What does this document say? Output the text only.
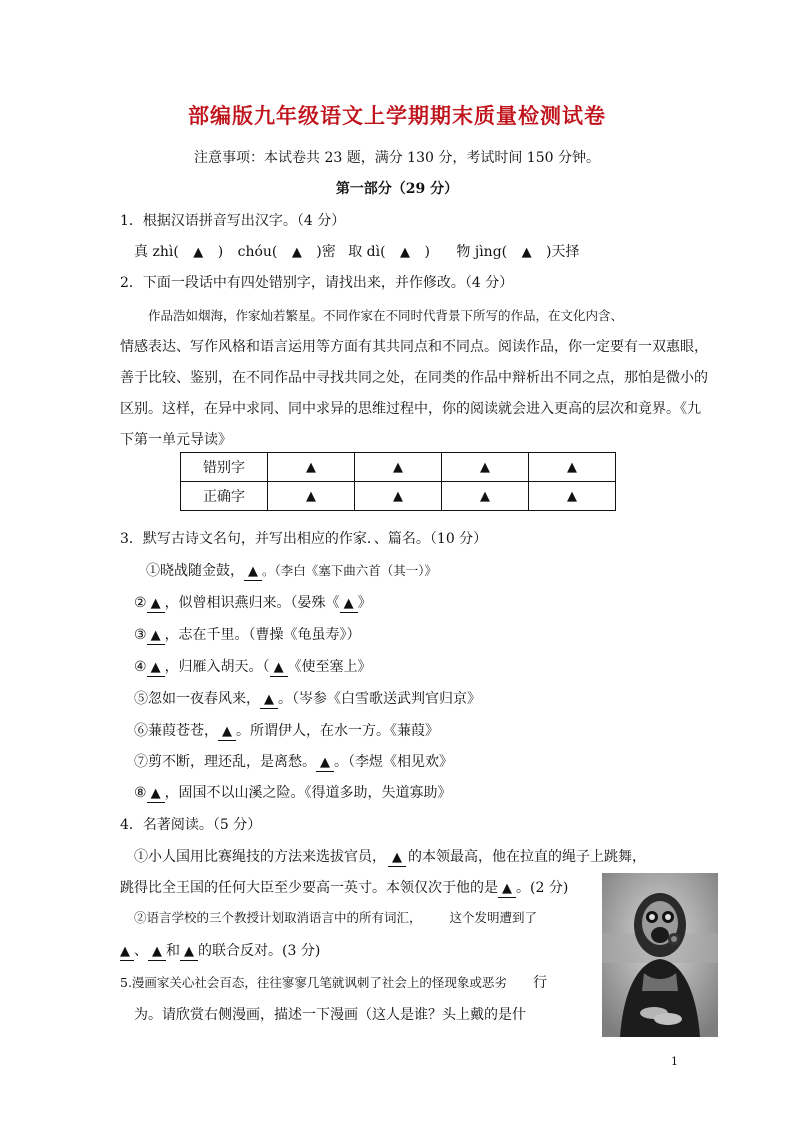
部编版九年级语文上学期期末质量检测试卷
注意事项：本试卷共 23 题，满分 130 分，考试时间 150 分钟。
第一部分（29 分）
1．根据汉语拼音写出汉字。（4 分）
真 zhì( ▲ ) chóu( ▲ )密 取 dì( ▲ ) 物 jìng( ▲ )天择
2．下面一段话中有四处错别字，请找出来，并作修改。（4 分）
作品浩如烟海，作家灿若繁星。不同作家在不同时代背景下所写的作品，在文化内含、
情感表达、写作风格和语言运用等方面有其共同点和不同点。阅读作品，你一定要有一双惠眼，
善于比较、鉴别，在不同作品中寻找共同之处，在同类的作品中辩析出不同之点，那怕是微小的
区别。这样，在异中求同、同中求异的思维过程中，你的阅读就会进入更高的层次和竟界。《九
下第一单元导读》
错别字	▲	▲	▲	▲
正确字	▲	▲	▲	▲
3．默写古诗文名句，并写出相应的作家．、篇名。（10 分）
①晓战随金鼓， ▲ 。（李白《塞下曲六首（其一）》
② ▲ ，似曾相识燕归来。（晏殊《 ▲ 》
③ ▲ ，志在千里。（曹操《龟虽寿》）
④ ▲ ，归雁入胡天。（ ▲ 《使至塞上》
⑤忽如一夜春风来， ▲ 。（岑参《白雪歌送武判官归京》
⑥蒹葭苍苍， ▲ 。所谓伊人，在水一方。《蒹葭》
⑦剪不断，理还乱，是离愁。 ▲ 。（李煜《相见欢》
⑧ ▲ ，固国不以山溪之险。《得道多助，失道寡助》
4．名著阅读。（5 分）
①小人国用比赛绳技的方法来选拔官员， ▲ 的本领最高，他在拉直的绳子上跳舞，
跳得比全王国的任何大臣至少要高一英寸。本领仅次于他的是 ▲ 。(2 分)
②语言学校的三个教授计划取消语言中的所有词汇， 这个发明遭到了
▲ 、 ▲ 和 ▲ 的联合反对。(3 分)
5.漫画家关心社会百态，往往寥寥几笔就讽刺了社会上的怪现象或恶劣 行
为。请欣赏右侧漫画，描述一下漫画（这人是谁？头上戴的是什
1
